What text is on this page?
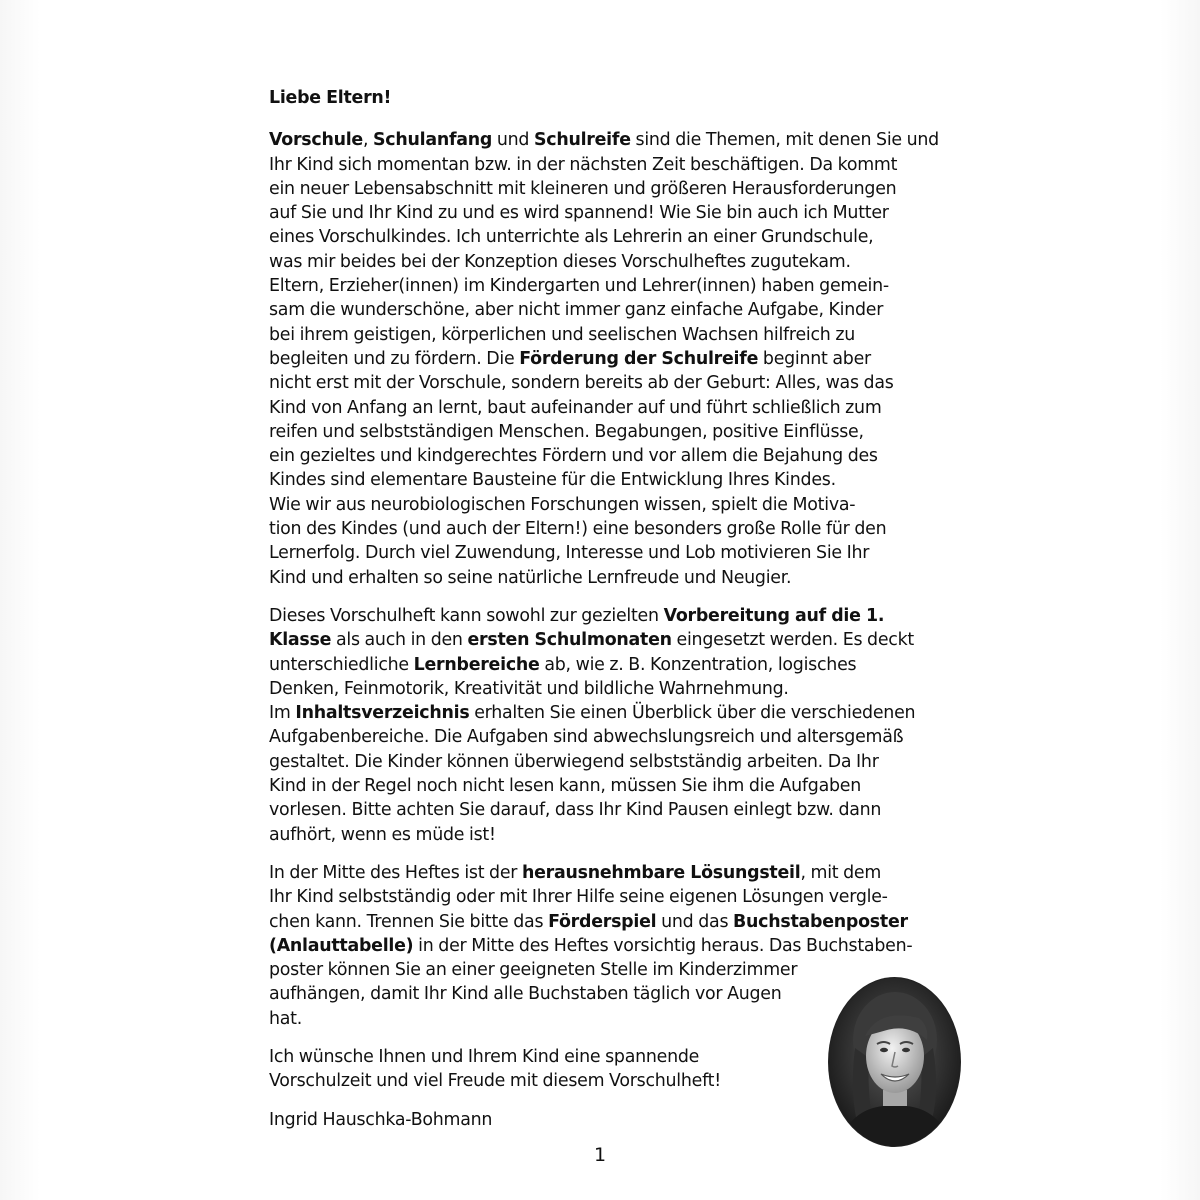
Liebe Eltern!
Vorschule, Schulanfang und Schulreife sind die Themen, mit denen Sie und
Ihr Kind sich momentan bzw. in der nächsten Zeit beschäftigen. Da kommt
ein neuer Lebensabschnitt mit kleineren und größeren Herausforderungen
auf Sie und Ihr Kind zu und es wird spannend! Wie Sie bin auch ich Mutter
eines Vorschulkindes. Ich unterrichte als Lehrerin an einer Grundschule,
was mir beides bei der Konzeption dieses Vorschulheftes zugutekam.
Eltern, Erzieher(innen) im Kindergarten und Lehrer(innen) haben gemein-
sam die wunderschöne, aber nicht immer ganz einfache Aufgabe, Kinder
bei ihrem geistigen, körperlichen und seelischen Wachsen hilfreich zu
begleiten und zu fördern. Die Förderung der Schulreife beginnt aber
nicht erst mit der Vorschule, sondern bereits ab der Geburt: Alles, was das
Kind von Anfang an lernt, baut aufeinander auf und führt schließlich zum
reifen und selbstständigen Menschen. Begabungen, positive Einflüsse,
ein gezieltes und kindgerechtes Fördern und vor allem die Bejahung des
Kindes sind elementare Bausteine für die Entwicklung Ihres Kindes.
Wie wir aus neurobiologischen Forschungen wissen, spielt die Motiva-
tion des Kindes (und auch der Eltern!) eine besonders große Rolle für den
Lernerfolg. Durch viel Zuwendung, Interesse und Lob motivieren Sie Ihr
Kind und erhalten so seine natürliche Lernfreude und Neugier.
Dieses Vorschulheft kann sowohl zur gezielten Vorbereitung auf die 1.
Klasse als auch in den ersten Schulmonaten eingesetzt werden. Es deckt
unterschiedliche Lernbereiche ab, wie z. B. Konzentration, logisches
Denken, Feinmotorik, Kreativität und bildliche Wahrnehmung.
Im Inhaltsverzeichnis erhalten Sie einen Überblick über die verschiedenen
Aufgabenbereiche. Die Aufgaben sind abwechslungsreich und altersgemäß
gestaltet. Die Kinder können überwiegend selbstständig arbeiten. Da Ihr
Kind in der Regel noch nicht lesen kann, müssen Sie ihm die Aufgaben
vorlesen. Bitte achten Sie darauf, dass Ihr Kind Pausen einlegt bzw. dann
aufhört, wenn es müde ist!
In der Mitte des Heftes ist der herausnehmbare Lösungsteil, mit dem
Ihr Kind selbstständig oder mit Ihrer Hilfe seine eigenen Lösungen vergle-
chen kann. Trennen Sie bitte das Förderspiel und das Buchstabenposter
(Anlauttabelle) in der Mitte des Heftes vorsichtig heraus. Das Buchstaben-
poster können Sie an einer geeigneten Stelle im Kinderzimmer
aufhängen, damit Ihr Kind alle Buchstaben täglich vor Augen
hat.
Ich wünsche Ihnen und Ihrem Kind eine spannende
Vorschulzeit und viel Freude mit diesem Vorschulheft!
Ingrid Hauschka-Bohmann
1
